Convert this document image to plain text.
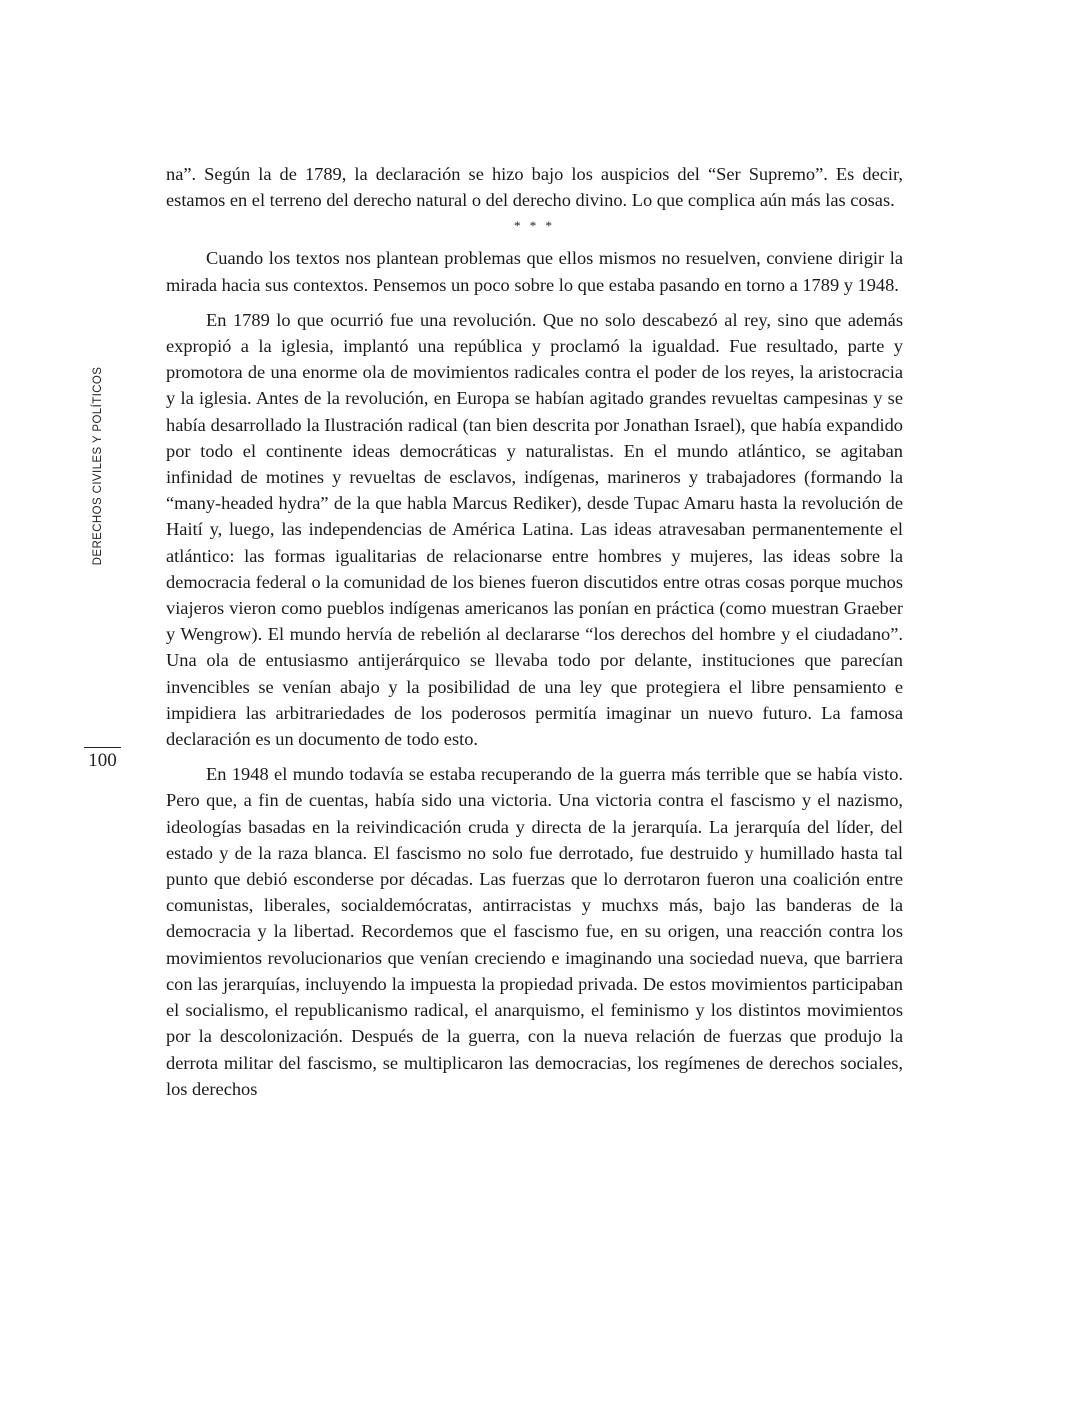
DERECHOS CIVILES Y POLÍTICOS
100

na”. Según la de 1789, la declaración se hizo bajo los auspicios del “Ser Supremo”. Es decir, estamos en el terreno del derecho natural o del derecho divino. Lo que complica aún más las cosas.

* * *

Cuando los textos nos plantean problemas que ellos mismos no resuelven, conviene dirigir la mirada hacia sus contextos. Pensemos un poco sobre lo que estaba pasando en torno a 1789 y 1948.

En 1789 lo que ocurrió fue una revolución. Que no solo descabezó al rey, sino que además expropió a la iglesia, implantó una república y proclamó la igualdad. Fue resultado, parte y promotora de una enorme ola de movimientos radicales contra el poder de los reyes, la aristocracia y la iglesia. Antes de la revolución, en Europa se habían agitado grandes revueltas campesinas y se había desarrollado la Ilustración radical (tan bien descrita por Jonathan Israel), que había expandido por todo el continente ideas democráticas y naturalistas. En el mundo atlántico, se agitaban infinidad de motines y revueltas de esclavos, indígenas, marineros y trabajadores (formando la “many-headed hydra” de la que habla Marcus Rediker), desde Tupac Amaru hasta la revolución de Haití y, luego, las independencias de América Latina. Las ideas atravesaban permanentemente el atlántico: las formas igualitarias de relacionarse entre hombres y mujeres, las ideas sobre la democracia federal o la comunidad de los bienes fueron discutidos entre otras cosas porque muchos viajeros vieron como pueblos indígenas americanos las ponían en práctica (como muestran Graeber y Wengrow). El mundo hervía de rebelión al declararse “los derechos del hombre y el ciudadano”. Una ola de entusiasmo antijerárquico se llevaba todo por delante, instituciones que parecían invencibles se venían abajo y la posibilidad de una ley que protegiera el libre pensamiento e impidiera las arbitrariedades de los poderosos permitía imaginar un nuevo futuro. La famosa declaración es un documento de todo esto.

En 1948 el mundo todavía se estaba recuperando de la guerra más terrible que se había visto. Pero que, a fin de cuentas, había sido una victoria. Una victoria contra el fascismo y el nazismo, ideologías basadas en la reivindicación cruda y directa de la jerarquía. La jerarquía del líder, del estado y de la raza blanca. El fascismo no solo fue derrotado, fue destruido y humillado hasta tal punto que debió esconderse por décadas. Las fuerzas que lo derrotaron fueron una coalición entre comunistas, liberales, socialdemócratas, antirracistas y muchxs más, bajo las banderas de la democracia y la libertad. Recordemos que el fascismo fue, en su origen, una reacción contra los movimientos revolucionarios que venían creciendo e imaginando una sociedad nueva, que barriera con las jerarquías, incluyendo la impuesta la propiedad privada. De estos movimientos participaban el socialismo, el republicanismo radical, el anarquismo, el feminismo y los distintos movimientos por la descolonización. Después de la guerra, con la nueva relación de fuerzas que produjo la derrota militar del fascismo, se multiplicaron las democracias, los regímenes de derechos sociales, los derechos
